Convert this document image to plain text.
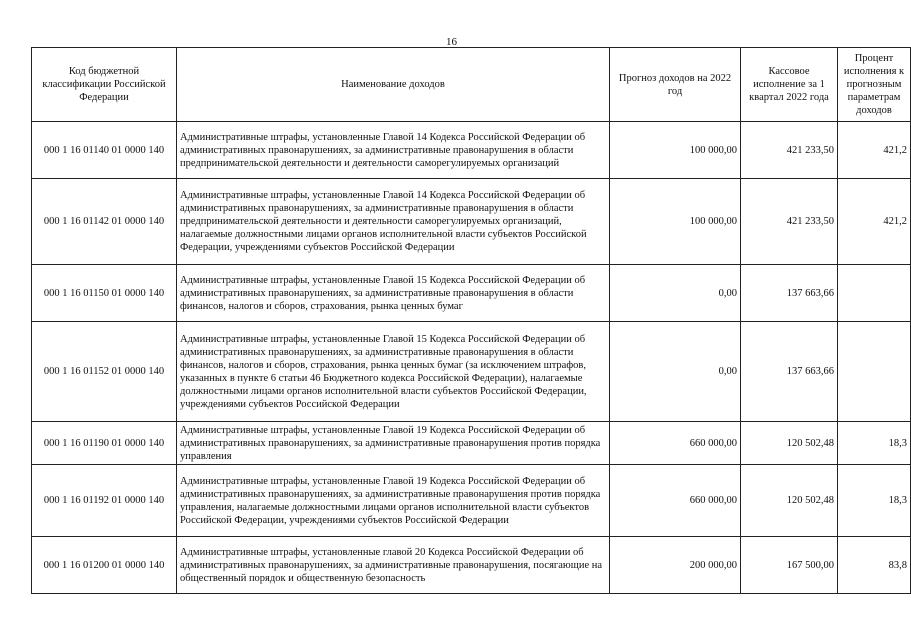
16
Код бюджетной классификации Российской Федерации	Наименование доходов	Прогноз доходов на 2022 год	Кассовое исполнение за 1 квартал 2022 года	Процент исполнения к прогнозным параметрам доходов
000 1 16 01140 01 0000 140	Административные штрафы, установленные Главой 14 Кодекса Российской Федерации об административных правонарушениях, за административные правонарушения в области предпринимательской деятельности и деятельности саморегулируемых организаций	100 000,00	421 233,50	421,2
000 1 16 01142 01 0000 140	Административные штрафы, установленные Главой 14 Кодекса Российской Федерации об административных правонарушениях, за административные правонарушения в области предпринимательской деятельности и деятельности саморегулируемых организаций, налагаемые должностными лицами органов исполнительной власти субъектов Российской Федерации, учреждениями субъектов Российской Федерации	100 000,00	421 233,50	421,2
000 1 16 01150 01 0000 140	Административные штрафы, установленные Главой 15 Кодекса Российской Федерации об административных правонарушениях, за административные правонарушения в области финансов, налогов и сборов, страхования, рынка ценных бумаг	0,00	137 663,66	
000 1 16 01152 01 0000 140	Административные штрафы, установленные Главой 15 Кодекса Российской Федерации об административных правонарушениях, за административные правонарушения в области финансов, налогов и сборов, страхования, рынка ценных бумаг (за исключением штрафов, указанных в пункте 6 статьи 46 Бюджетного кодекса Российской Федерации), налагаемые должностными лицами органов исполнительной власти субъектов Российской Федерации, учреждениями субъектов Российской Федерации	0,00	137 663,66	
000 1 16 01190 01 0000 140	Административные штрафы, установленные Главой 19 Кодекса Российской Федерации об административных правонарушениях, за административные правонарушения против порядка управления	660 000,00	120 502,48	18,3
000 1 16 01192 01 0000 140	Административные штрафы, установленные Главой 19 Кодекса Российской Федерации об административных правонарушениях, за административные правонарушения против порядка управления, налагаемые должностными лицами органов исполнительной власти субъектов Российской Федерации, учреждениями субъектов Российской Федерации	660 000,00	120 502,48	18,3
000 1 16 01200 01 0000 140	Административные штрафы, установленные главой 20 Кодекса Российской Федерации об административных правонарушениях, за административные правонарушения, посягающие на общественный порядок и общественную безопасность	200 000,00	167 500,00	83,8
